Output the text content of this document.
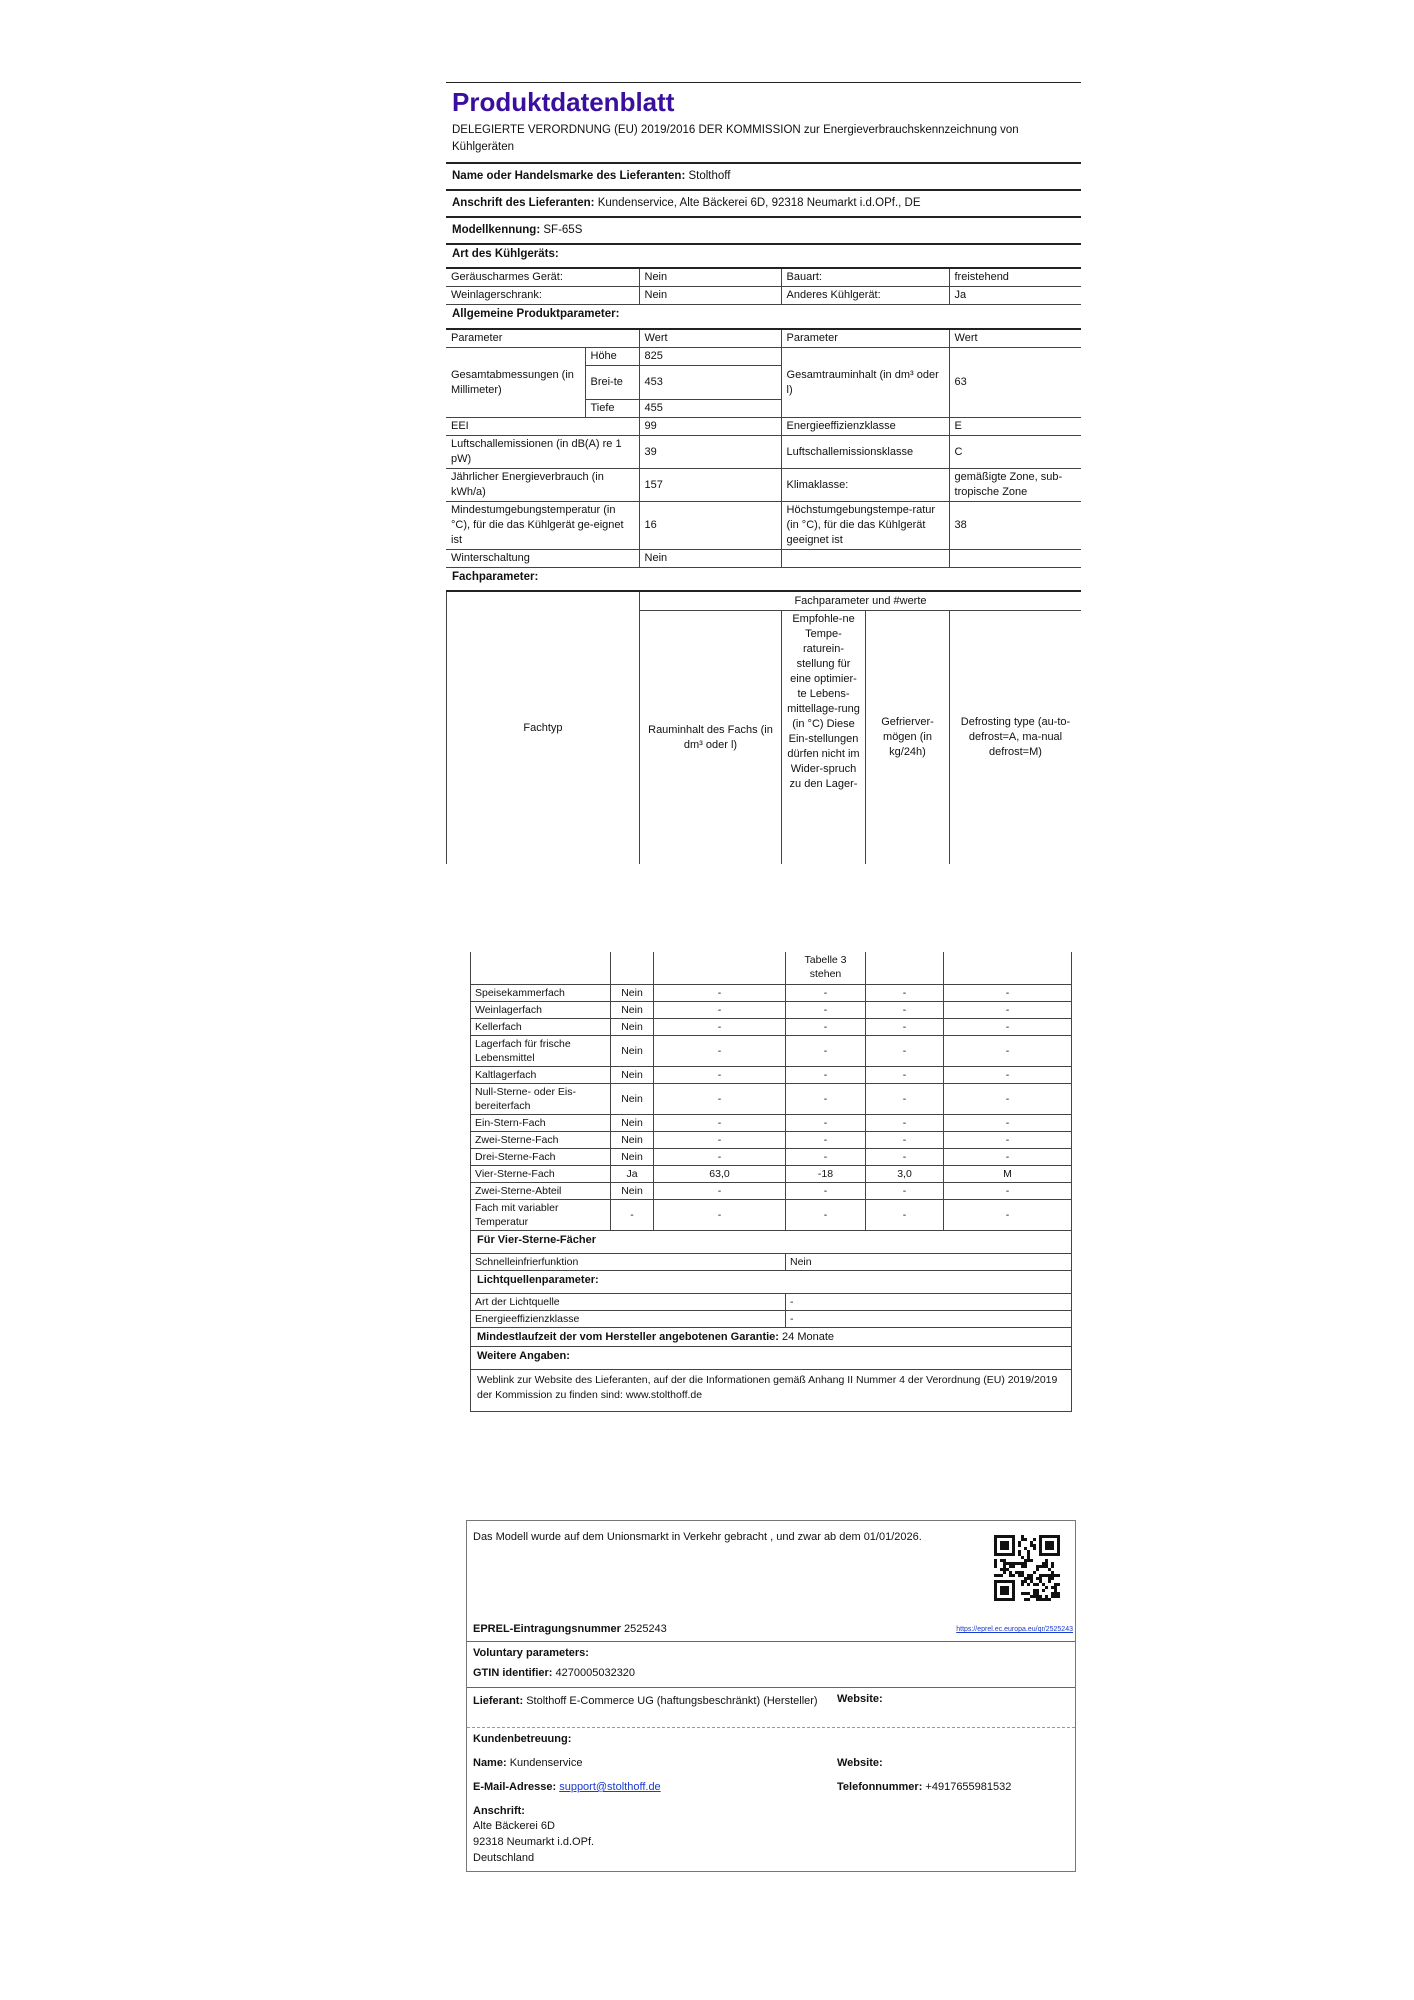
Produktdatenblatt
DELEGIERTE VERORDNUNG (EU) 2019/2016 DER KOMMISSION zur Energieverbrauchskennzeichnung von Kühlgeräten
Name oder Handelsmarke des Lieferanten: Stolthoff
Anschrift des Lieferanten: Kundenservice, Alte Bäckerei 6D, 92318 Neumarkt i.d.OPf., DE
Modellkennung: SF-65S
Art des Kühlgeräts:
Geräuscharmes Gerät:	Nein	Bauart:	freistehend
Weinlagerschrank:	Nein	Anderes Kühlgerät:	Ja
Allgemeine Produktparameter:
Parameter		Wert	Parameter	Wert
Gesamtabmessungen (in Millimeter)	Höhe	825	Gesamtrauminhalt (in dm³ oder l)	63
	Brei-te	453		
	Tiefe	455		
EEI		99	Energieeffizienzklasse	E
Luftschallemissionen (in dB(A) re 1 pW)		39	Luftschallemissionsklasse	C
Jährlicher Energieverbrauch (in kWh/a)		157	Klimaklasse:	gemäßigte Zone, sub-tropische Zone
Mindestumgebungstemperatur (in °C), für die das Kühlgerät ge-eignet ist		16	Höchstumgebungstempe-ratur (in °C), für die das Kühlgerät geeignet ist	38
Winterschaltung		Nein		
Fachparameter:
Fachtyp	Fachparameter und #werte			
	Rauminhalt des Fachs (in dm³ oder l)	Empfohle-ne Tempe-raturein-stellung für eine optimier-te Lebens-mittellage-rung (in °C) Diese Ein-stellungen dürfen nicht im Wider-spruch zu den Lager-	Gefrierver-mögen (in kg/24h)	Defrosting type (au-to-defrost=A, ma-nual defrost=M)
			Tabelle 3 stehen		
Speisekammerfach	Nein	-	-	-	-
Weinlagerfach	Nein	-	-	-	-
Kellerfach	Nein	-	-	-	-
Lagerfach für frische Lebensmittel	Nein	-	-	-	-
Kaltlagerfach	Nein	-	-	-	-
Null-Sterne- oder Eis-bereiterfach	Nein	-	-	-	-
Ein-Stern-Fach	Nein	-	-	-	-
Zwei-Sterne-Fach	Nein	-	-	-	-
Drei-Sterne-Fach	Nein	-	-	-	-
Vier-Sterne-Fach	Ja	63,0	-18	3,0	M
Zwei-Sterne-Abteil	Nein	-	-	-	-
Fach mit variabler Temperatur	-	-	-	-	-
Für Vier-Sterne-Fächer
Schnelleinfrierfunktion	Nein
Lichtquellenparameter:
Art der Lichtquelle	-
Energieeffizienzklasse	-
Mindestlaufzeit der vom Hersteller angebotenen Garantie: 24 Monate
Weitere Angaben:
Weblink zur Website des Lieferanten, auf der die Informationen gemäß Anhang II Nummer 4 der Verordnung (EU) 2019/2019 der Kommission zu finden sind: www.stolthoff.de
Das Modell wurde auf dem Unionsmarkt in Verkehr gebracht , und zwar ab dem 01/01/2026.
EPREL-Eintragungsnummer 2525243	https://eprel.ec.europa.eu/qr/2525243
Voluntary parameters:
GTIN identifier: 4270005032320
Lieferant: Stolthoff E-Commerce UG (haftungsbeschränkt) (Hersteller)	Website:
Kundenbetreuung:
Name: Kundenservice	Website:
E-Mail-Adresse: support@stolthoff.de	Telefonnummer: +4917655981532
Anschrift:
Alte Bäckerei 6D
92318 Neumarkt i.d.OPf.
Deutschland
